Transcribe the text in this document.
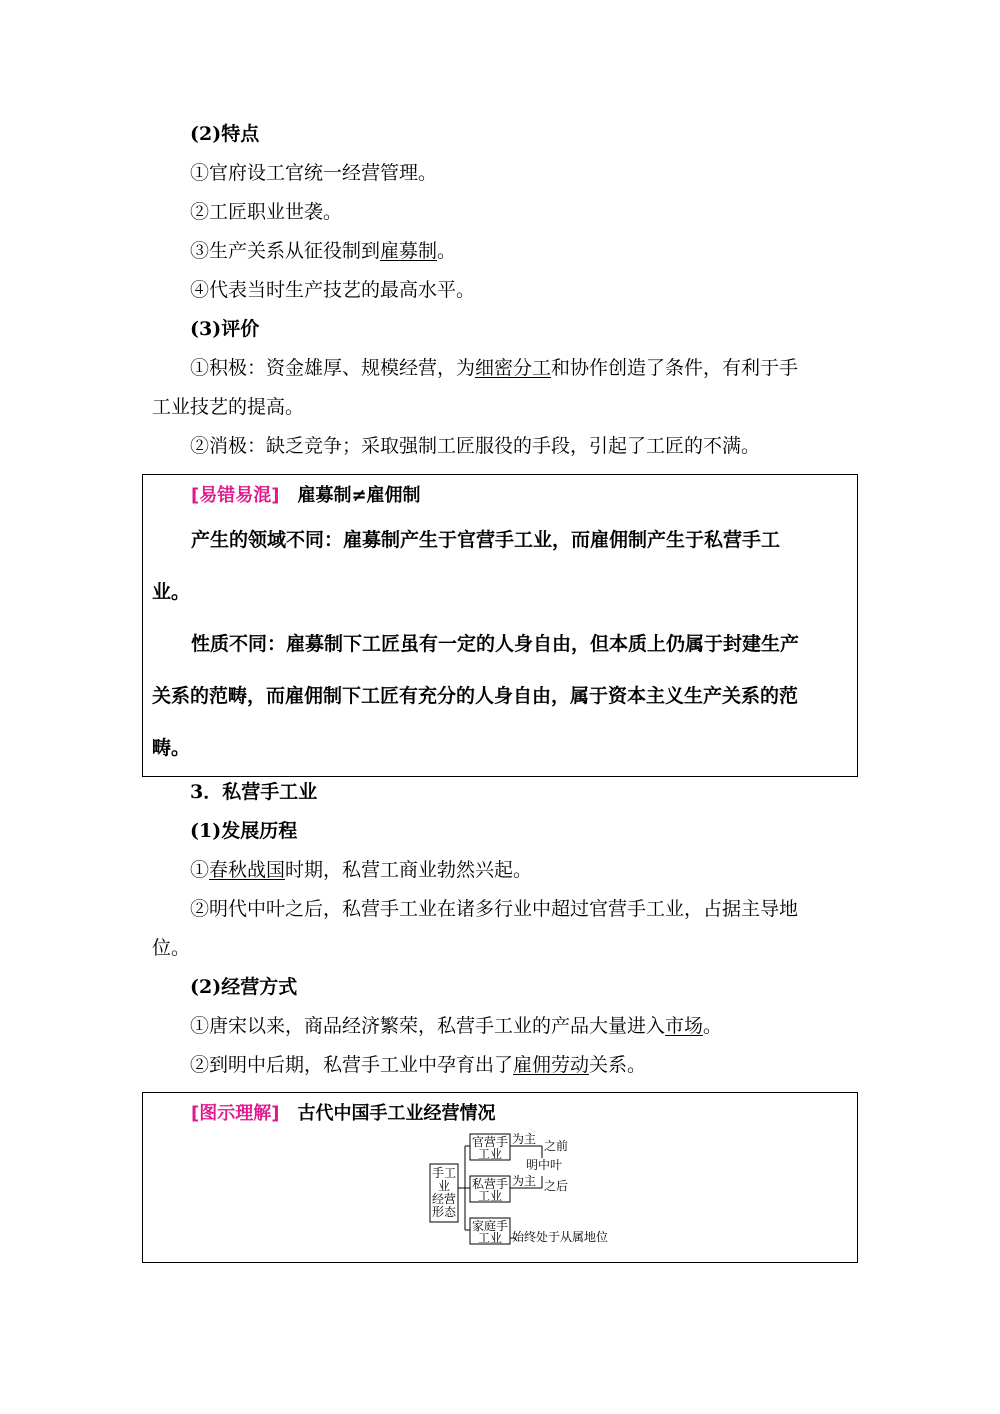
(2)特点
①官府设工官统一经营管理。
②工匠职业世袭。
③生产关系从征役制到雇募制。
④代表当时生产技艺的最高水平。
(3)评价
①积极：资金雄厚、规模经营，为细密分工和协作创造了条件，有利于手
工业技艺的提高。
②消极：缺乏竞争；采取强制工匠服役的手段，引起了工匠的不满。
[易错易混] 雇募制≠雇佣制
产生的领域不同：雇募制产生于官营手工业，而雇佣制产生于私营手工
业。
性质不同：雇募制下工匠虽有一定的人身自由，但本质上仍属于封建生产
关系的范畴，而雇佣制下工匠有充分的人身自由，属于资本主义生产关系的范
畴。
3．私营手工业
(1)发展历程
①春秋战国时期，私营工商业勃然兴起。
②明代中叶之后，私营手工业在诸多行业中超过官营手工业，占据主导地
位。
(2)经营方式
①唐宋以来，商品经济繁荣，私营手工业的产品大量进入市场。
②到明中后期，私营手工业中孕育出了雇佣劳动关系。
[图示理解] 古代中国手工业经营情况
手工
业
经营
形态
官营手
工业
私营手
工业
家庭手
工业
为主 之前
明中叶
为主 之后
始终处于从属地位
